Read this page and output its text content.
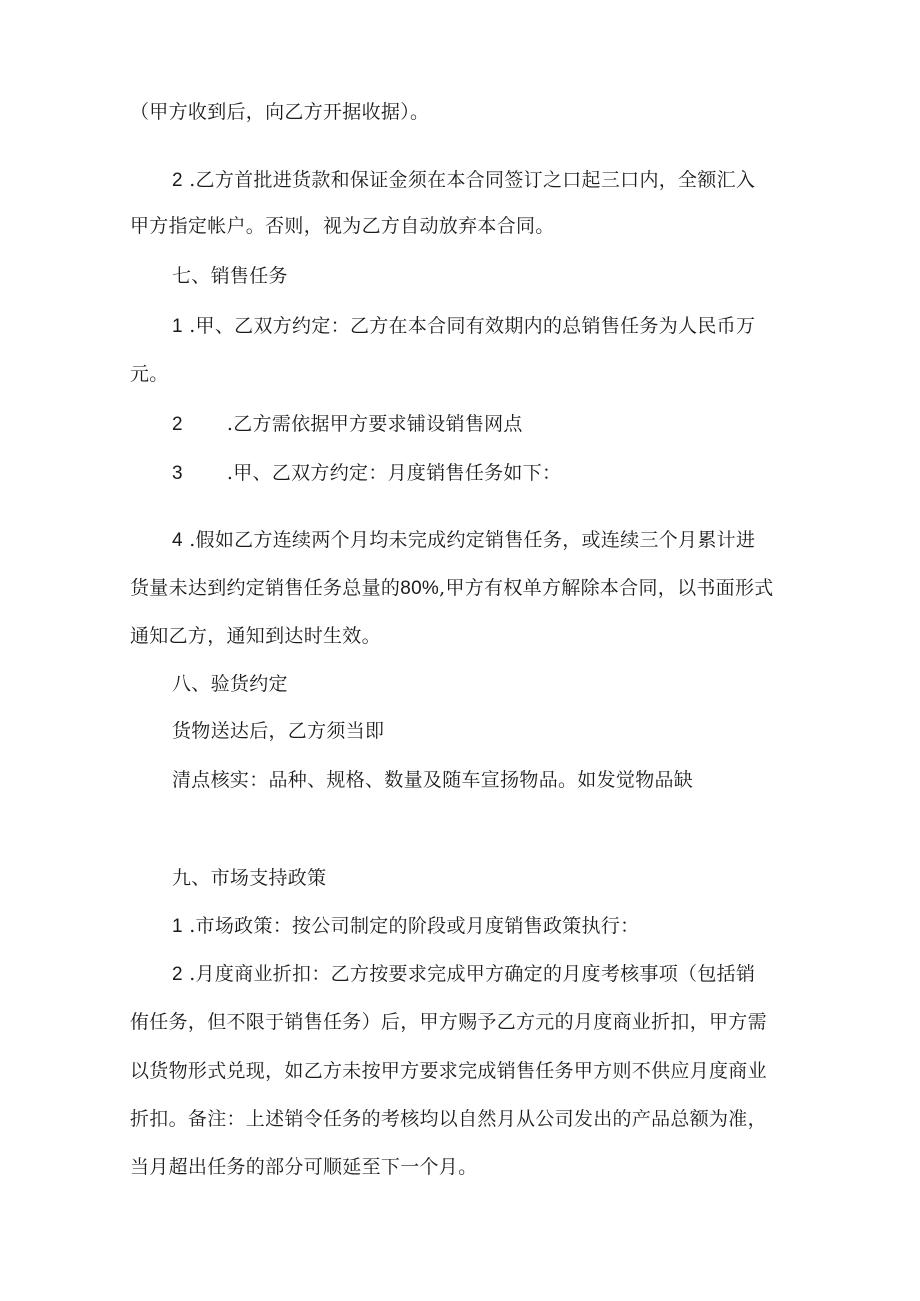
（甲方收到后，向乙方开据收据）。
2 .乙方首批进货款和保证金须在本合同签订之口起三口内，全额汇入
甲方指定帐户。否则，视为乙方自动放弃本合同。
七、销售任务
1 .甲、乙双方约定：乙方在本合同有效期内的总销售任务为人民币万
元。
2 .乙方需依据甲方要求铺设销售网点
3 .甲、乙双方约定：月度销售任务如下：
4 .假如乙方连续两个月均未完成约定销售任务，或连续三个月累计进
货量未达到约定销售任务总量的80%,甲方有权单方解除本合同，以书面形式
通知乙方，通知到达时生效。
八、验货约定
货物送达后，乙方须当即
清点核实：品种、规格、数量及随车宣扬物品。如发觉物品缺
九、市场支持政策
1 .市场政策：按公司制定的阶段或月度销售政策执行：
2 .月度商业折扣：乙方按要求完成甲方确定的月度考核事项（包括销
侑任务，但不限于销售任务）后，甲方赐予乙方元的月度商业折扣，甲方需
以货物形式兑现，如乙方未按甲方要求完成销售任务甲方则不供应月度商业
折扣。备注：上述销令任务的考核均以自然月从公司发出的产品总额为准，
当月超出任务的部分可顺延至下一个月。
